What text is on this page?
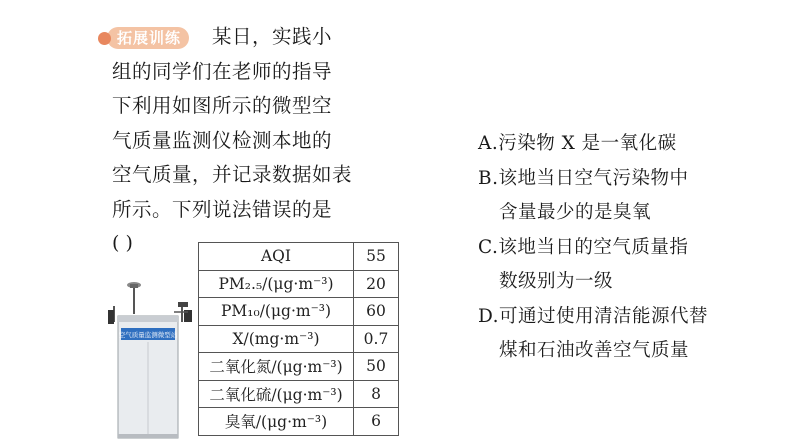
拓展训练	某日，实践小
组的同学们在老师的指导
下利用如图所示的微型空
气质量监测仪检测本地的
空气质量，并记录数据如表
所示。下列说法错误的是
( )
空气质量监测微型站
AQI	55
PM₂.₅/(μg·m⁻³)	20
PM₁₀/(μg·m⁻³)	60
X/(mg·m⁻³)	0.7
二氧化氮/(μg·m⁻³)	50
二氧化硫/(μg·m⁻³)	8
臭氧/(μg·m⁻³)	6
A.污染物 X 是一氧化碳
B.该地当日空气污染物中
含量最少的是臭氧
C.该地当日的空气质量指
数级别为一级
D.可通过使用清洁能源代替
煤和石油改善空气质量
